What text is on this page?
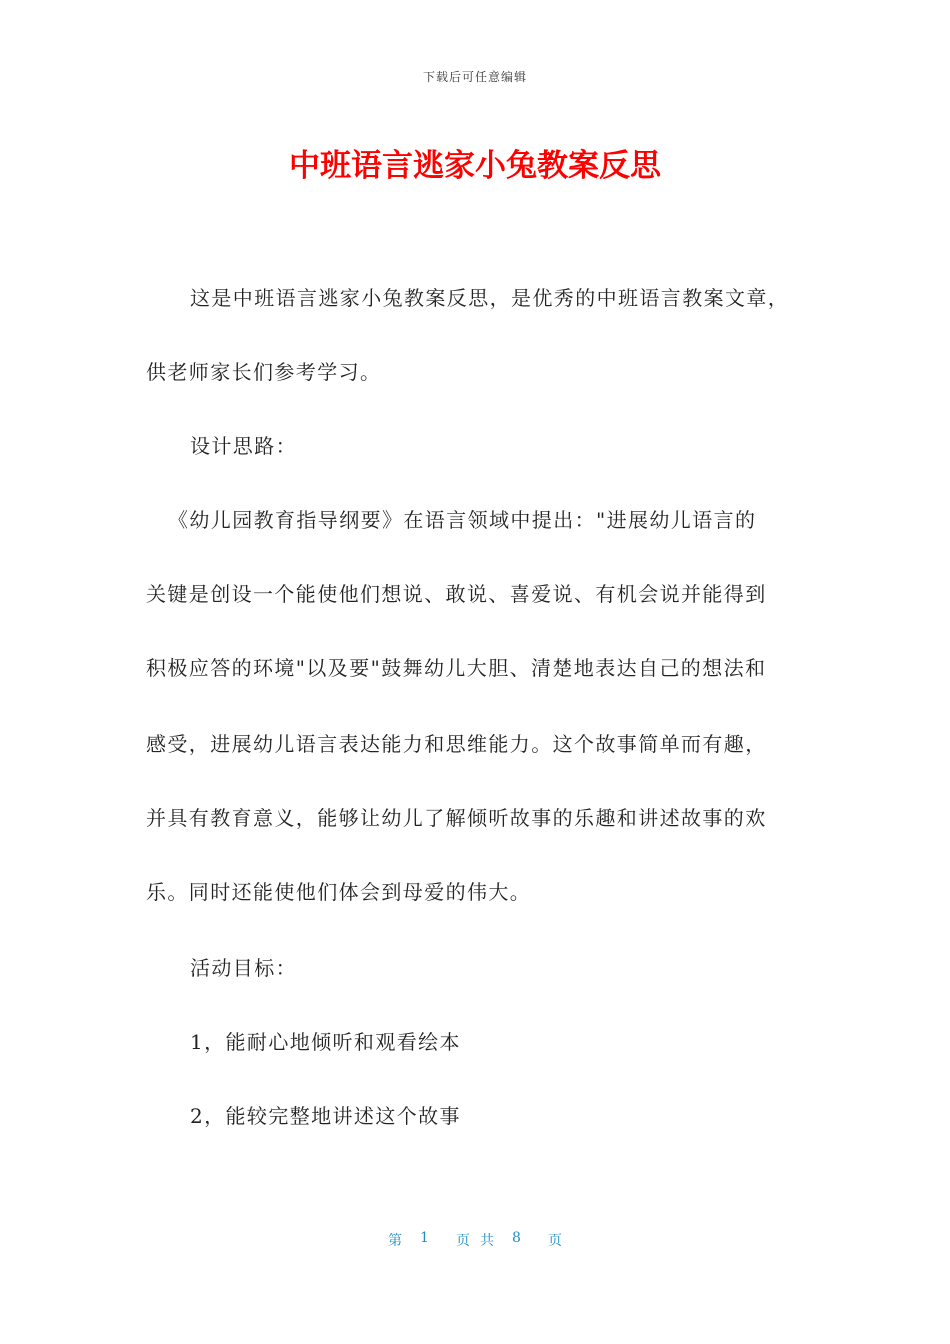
下载后可任意编辑
中班语言逃家小兔教案反思

这是中班语言逃家小兔教案反思，是优秀的中班语言教案文章，

供老师家长们参考学习。

设计思路：

《幼儿园教育指导纲要》在语言领域中提出："进展幼儿语言的

关键是创设一个能使他们想说、敢说、喜爱说、有机会说并能得到

积极应答的环境"以及要"鼓舞幼儿大胆、清楚地表达自己的想法和

感受，进展幼儿语言表达能力和思维能力。这个故事简单而有趣，

并具有教育意义，能够让幼儿了解倾听故事的乐趣和讲述故事的欢

乐。同时还能使他们体会到母爱的伟大。

活动目标：

1，能耐心地倾听和观看绘本

2，能较完整地讲述这个故事

第 1 页共 8 页
